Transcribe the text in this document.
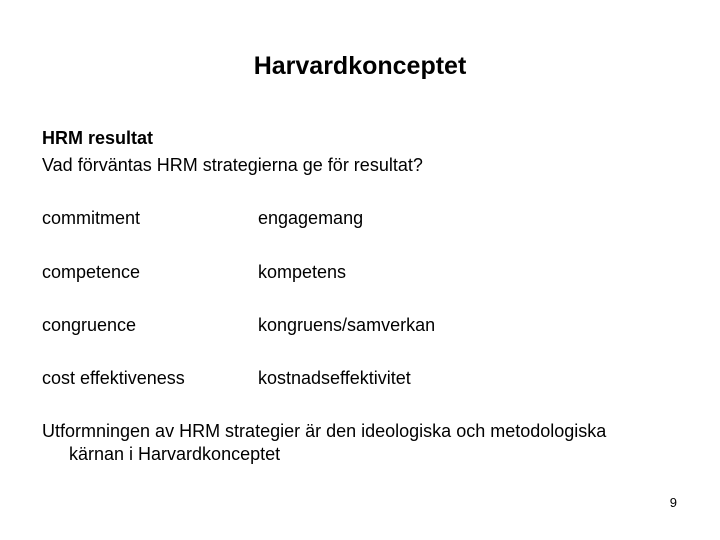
Harvardkonceptet
HRM resultat
Vad förväntas HRM strategierna ge för resultat?
commitment	engagemang
competence	kompetens
congruence	kongruens/samverkan
cost effektiveness	kostnadseffektivitet
Utformningen av HRM strategier är den ideologiska och metodologiska
kärnan i Harvardkonceptet
9
